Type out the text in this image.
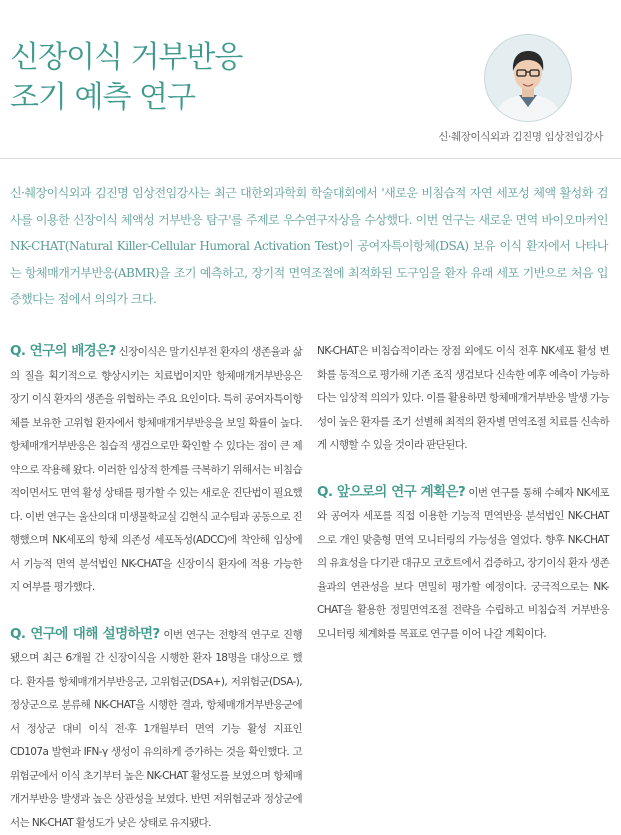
신장이식 거부반응
조기 예측 연구
신·췌장이식외과 김진명 임상전임강사

신·췌장이식외과 김진명 임상전임강사는 최근 대한외과학회 학술대회에서 '새로운 비침습적 자연 세포성 체액 활성화 검사를 이용한 신장이식 체액성 거부반응 탐구'를 주제로 우수연구자상을 수상했다. 이번 연구는 새로운 면역 바이오마커인 NK-CHAT(Natural Killer-Cellular Humoral Activation Test)이 공여자특이항체(DSA) 보유 이식 환자에서 나타나는 항체매개거부반응(ABMR)을 조기 예측하고, 장기적 면역조절에 최적화된 도구임을 환자 유래 세포 기반으로 처음 입증했다는 점에서 의의가 크다.

Q. 연구의 배경은? 신장이식은 말기신부전 환자의 생존율과 삶의 질을 획기적으로 향상시키는 치료법이지만 항체매개거부반응은 장기 이식 환자의 생존을 위협하는 주요 요인이다. 특히 공여자특이항체를 보유한 고위험 환자에서 항체매개거부반응을 보일 확률이 높다. 항체매개거부반응은 침습적 생검으로만 확인할 수 있다는 점이 큰 제약으로 작용해 왔다. 이러한 임상적 한계를 극복하기 위해서는 비침습적이면서도 면역 활성 상태를 평가할 수 있는 새로운 진단법이 필요했다. 이번 연구는 울산의대 미생물학교실 김현식 교수팀과 공동으로 진행했으며 NK세포의 항체 의존성 세포독성(ADCC)에 착안해 임상에서 기능적 면역 분석법인 NK-CHAT을 신장이식 환자에 적용 가능한지 여부를 평가했다.

Q. 연구에 대해 설명하면? 이번 연구는 전향적 연구로 진행됐으며 최근 6개월 간 신장이식을 시행한 환자 18명을 대상으로 했다. 환자를 항체매개거부반응군, 고위험군(DSA+), 저위험군(DSA-), 정상군으로 분류해 NK-CHAT을 시행한 결과, 항체매개거부반응군에서 정상군 대비 이식 전·후 1개월부터 면역 기능 활성 지표인 CD107a 발현과 IFN-γ 생성이 유의하게 증가하는 것을 확인했다. 고위험군에서 이식 초기부터 높은 NK-CHAT 활성도를 보였으며 항체매개거부반응 발생과 높은 상관성을 보였다. 반면 저위험군과 정상군에서는 NK-CHAT 활성도가 낮은 상태로 유지됐다.

NK-CHAT은 비침습적이라는 장점 외에도 이식 전후 NK세포 활성 변화를 동적으로 평가해 기존 조직 생검보다 신속한 예후 예측이 가능하다는 임상적 의의가 있다. 이를 활용하면 항체매개거부반응 발생 가능성이 높은 환자를 조기 선별해 최적의 환자별 면역조절 치료를 신속하게 시행할 수 있을 것이라 판단된다.

Q. 앞으로의 연구 계획은? 이번 연구를 통해 수혜자 NK세포와 공여자 세포를 직접 이용한 기능적 면역반응 분석법인 NK-CHAT으로 개인 맞춤형 면역 모니터링의 가능성을 열었다. 향후 NK-CHAT의 유효성을 다기관 대규모 코호트에서 검증하고, 장기이식 환자 생존율과의 연관성을 보다 면밀히 평가할 예정이다. 궁극적으로는 NK-CHAT을 활용한 정밀면역조절 전략을 수립하고 비침습적 거부반응 모니터링 체계화를 목표로 연구를 이어 나갈 계획이다.
